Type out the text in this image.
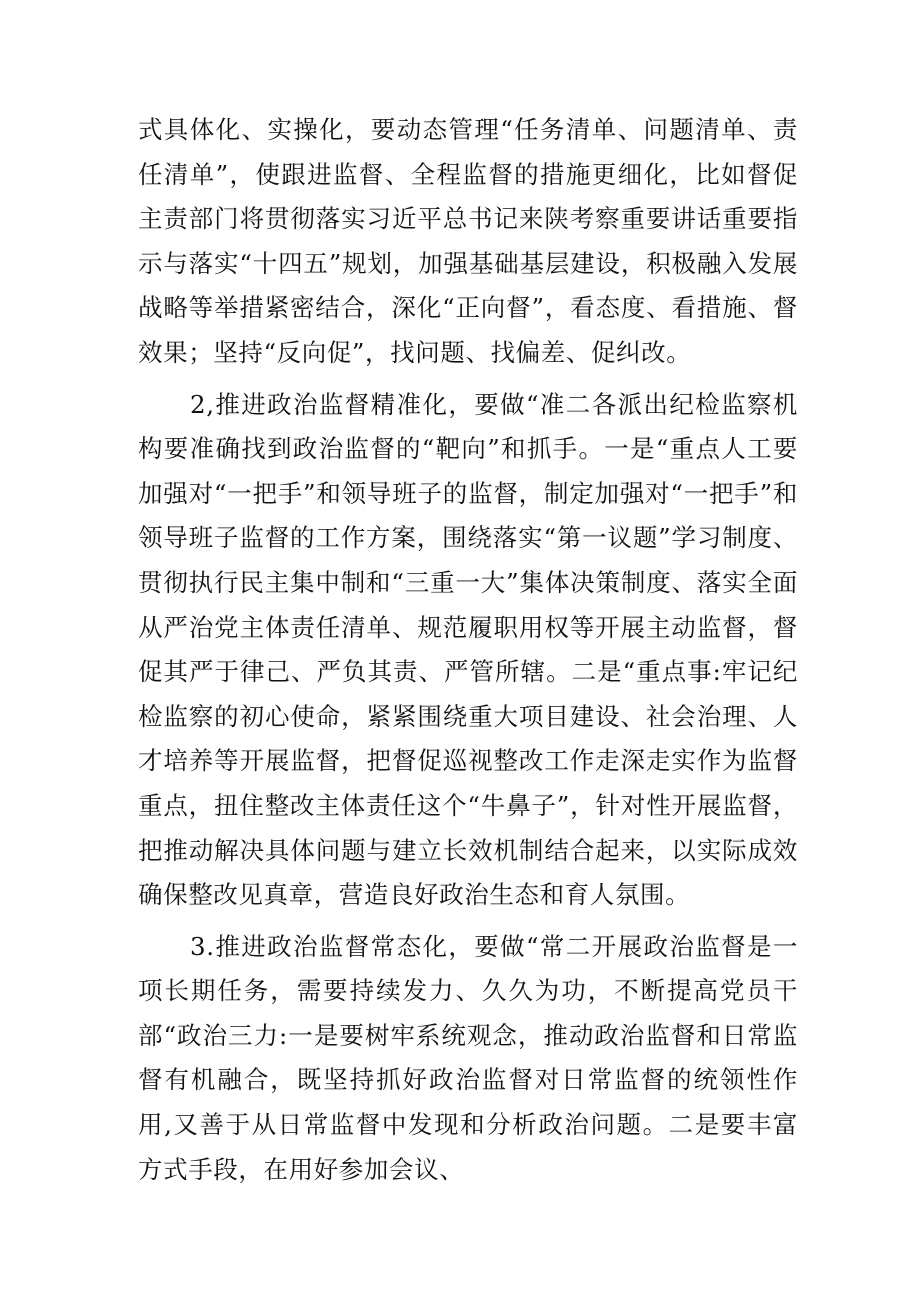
式具体化、实操化，要动态管理“任务清单、问题清单、责任清单”，使跟进监督、全程监督的措施更细化，比如督促主责部门将贯彻落实习近平总书记来陕考察重要讲话重要指示与落实“十四五”规划，加强基础基层建设，积极融入发展战略等举措紧密结合，深化“正向督”，看态度、看措施、督效果；坚持“反向促”，找问题、找偏差、促纠改。

2,推进政治监督精准化，要做“准二各派出纪检监察机构要准确找到政治监督的“靶向”和抓手。一是“重点人工要加强对“一把手”和领导班子的监督，制定加强对“一把手”和领导班子监督的工作方案，围绕落实“第一议题”学习制度、贯彻执行民主集中制和“三重一大”集体决策制度、落实全面从严治党主体责任清单、规范履职用权等开展主动监督，督促其严于律己、严负其责、严管所辖。二是“重点事:牢记纪检监察的初心使命，紧紧围绕重大项目建设、社会治理、人才培养等开展监督，把督促巡视整改工作走深走实作为监督重点，扭住整改主体责任这个“牛鼻子”，针对性开展监督，把推动解决具体问题与建立长效机制结合起来，以实际成效确保整改见真章，营造良好政治生态和育人氛围。

3.推进政治监督常态化，要做“常二开展政治监督是一项长期任务，需要持续发力、久久为功，不断提高党员干部“政治三力:一是要树牢系统观念，推动政治监督和日常监督有机融合，既坚持抓好政治监督对日常监督的统领性作用,又善于从日常监督中发现和分析政治问题。二是要丰富方式手段，在用好参加会议、
